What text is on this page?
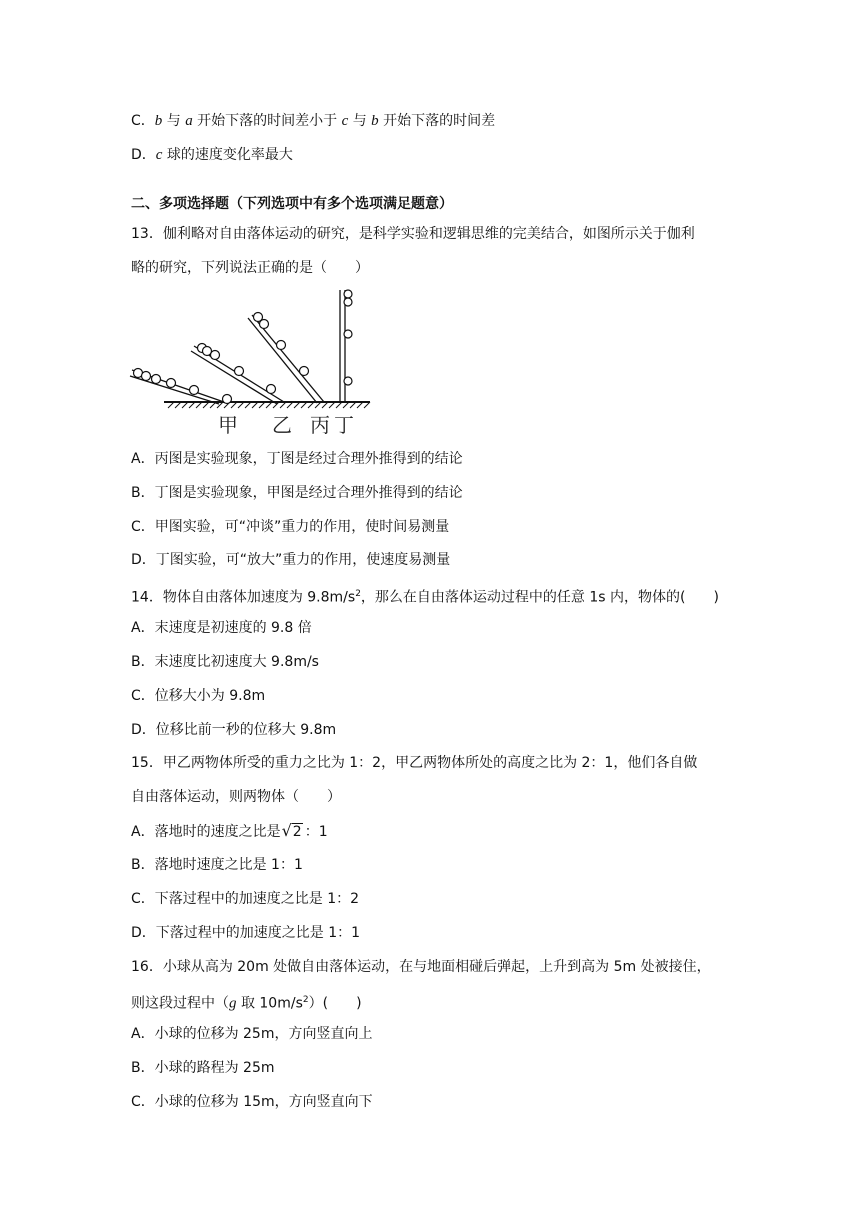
C．b 与 a 开始下落的时间差小于 c 与 b 开始下落的时间差
D．c 球的速度变化率最大
二、多项选择题（下列选项中有多个选项满足题意）
13．伽利略对自由落体运动的研究，是科学实验和逻辑思维的完美结合，如图所示关于伽利
略的研究，下列说法正确的是（　　）
甲 乙 丙 丁
A．丙图是实验现象，丁图是经过合理外推得到的结论
B．丁图是实验现象，甲图是经过合理外推得到的结论
C．甲图实验，可“冲谈”重力的作用，使时间易测量
D．丁图实验，可“放大”重力的作用，使速度易测量
14．物体自由落体加速度为 $9.8m/s^2$，那么在自由落体运动过程中的任意 1s 内，物体的(　　)
A．末速度是初速度的 9.8 倍
B．末速度比初速度大 9.8m/s
C．位移大小为 9.8m
D．位移比前一秒的位移大 9.8m
15．甲乙两物体所受的重力之比为 1：2，甲乙两物体所处的高度之比为 2：1，他们各自做
自由落体运动，则两物体（　　）
A．落地时的速度之比是√2 ：1
B．落地时速度之比是 1：1
C．下落过程中的加速度之比是 1：2
D．下落过程中的加速度之比是 1：1
16．小球从高为 20m 处做自由落体运动，在与地面相碰后弹起，上升到高为 5m 处被接住，
则这段过程中（g 取 $10m/s^2$）(　　)
A．小球的位移为 25m，方向竖直向上
B．小球的路程为 25m
C．小球的位移为 15m，方向竖直向下
